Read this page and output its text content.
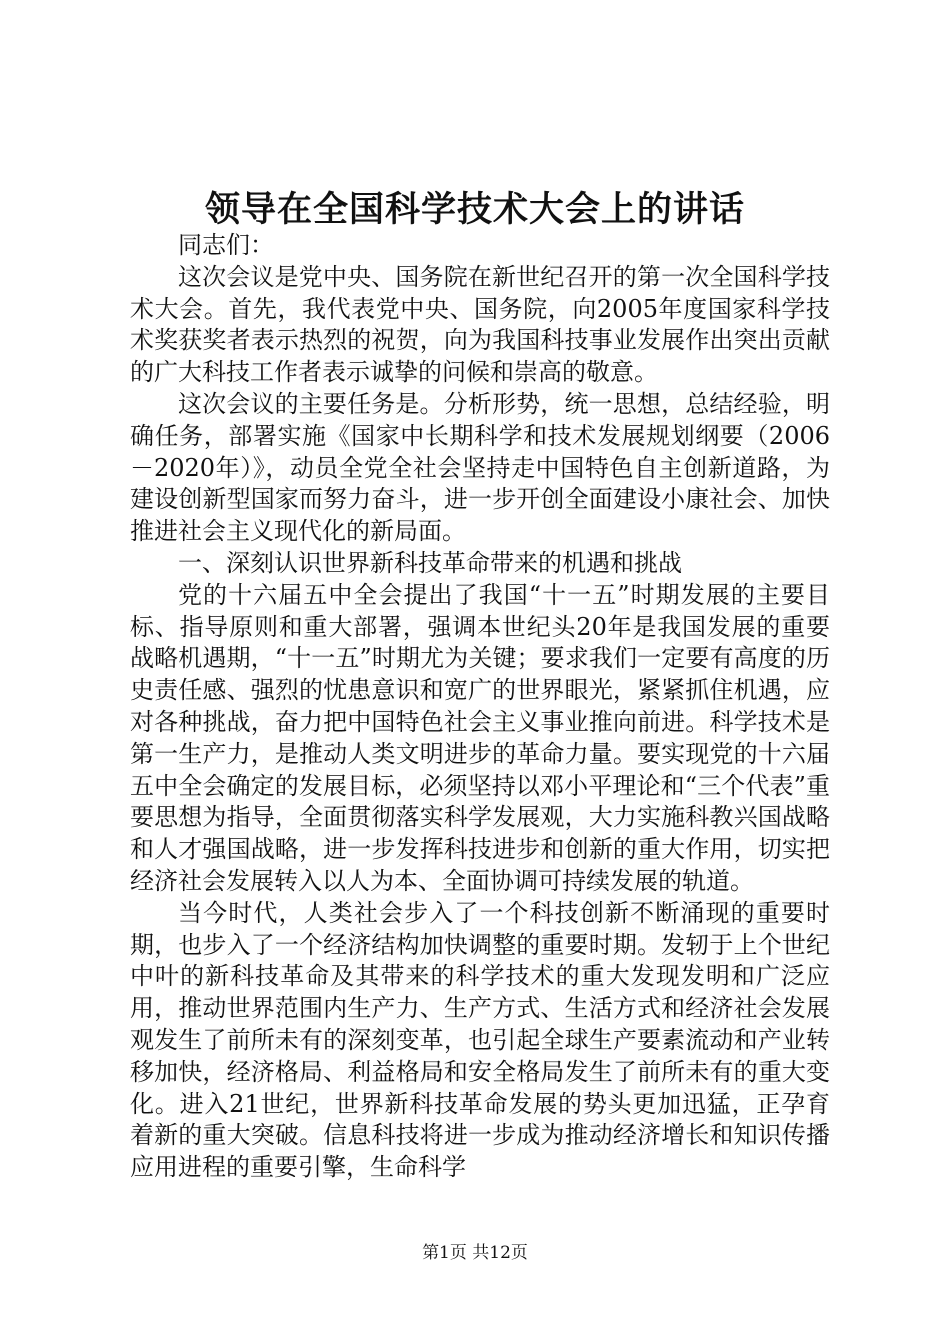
领导在全国科学技术大会上的讲话

同志们：

这次会议是党中央、国务院在新世纪召开的第一次全国科学技术大会。首先，我代表党中央、国务院，向2005年度国家科学技术奖获奖者表示热烈的祝贺，向为我国科技事业发展作出突出贡献的广大科技工作者表示诚挚的问候和崇高的敬意。

这次会议的主要任务是。分析形势，统一思想，总结经验，明确任务，部署实施《国家中长期科学和技术发展规划纲要（2006－2020年）》，动员全党全社会坚持走中国特色自主创新道路，为建设创新型国家而努力奋斗，进一步开创全面建设小康社会、加快推进社会主义现代化的新局面。

一、深刻认识世界新科技革命带来的机遇和挑战

党的十六届五中全会提出了我国“十一五”时期发展的主要目标、指导原则和重大部署，强调本世纪头20年是我国发展的重要战略机遇期，“十一五”时期尤为关键；要求我们一定要有高度的历史责任感、强烈的忧患意识和宽广的世界眼光，紧紧抓住机遇，应对各种挑战，奋力把中国特色社会主义事业推向前进。科学技术是第一生产力，是推动人类文明进步的革命力量。要实现党的十六届五中全会确定的发展目标，必须坚持以邓小平理论和“三个代表”重要思想为指导，全面贯彻落实科学发展观，大力实施科教兴国战略和人才强国战略，进一步发挥科技进步和创新的重大作用，切实把经济社会发展转入以人为本、全面协调可持续发展的轨道。

当今时代，人类社会步入了一个科技创新不断涌现的重要时期，也步入了一个经济结构加快调整的重要时期。发轫于上个世纪中叶的新科技革命及其带来的科学技术的重大发现发明和广泛应用，推动世界范围内生产力、生产方式、生活方式和经济社会发展观发生了前所未有的深刻变革，也引起全球生产要素流动和产业转移加快，经济格局、利益格局和安全格局发生了前所未有的重大变化。进入21世纪，世界新科技革命发展的势头更加迅猛，正孕育着新的重大突破。信息科技将进一步成为推动经济增长和知识传播应用进程的重要引擎，生命科学

第1页 共12页
